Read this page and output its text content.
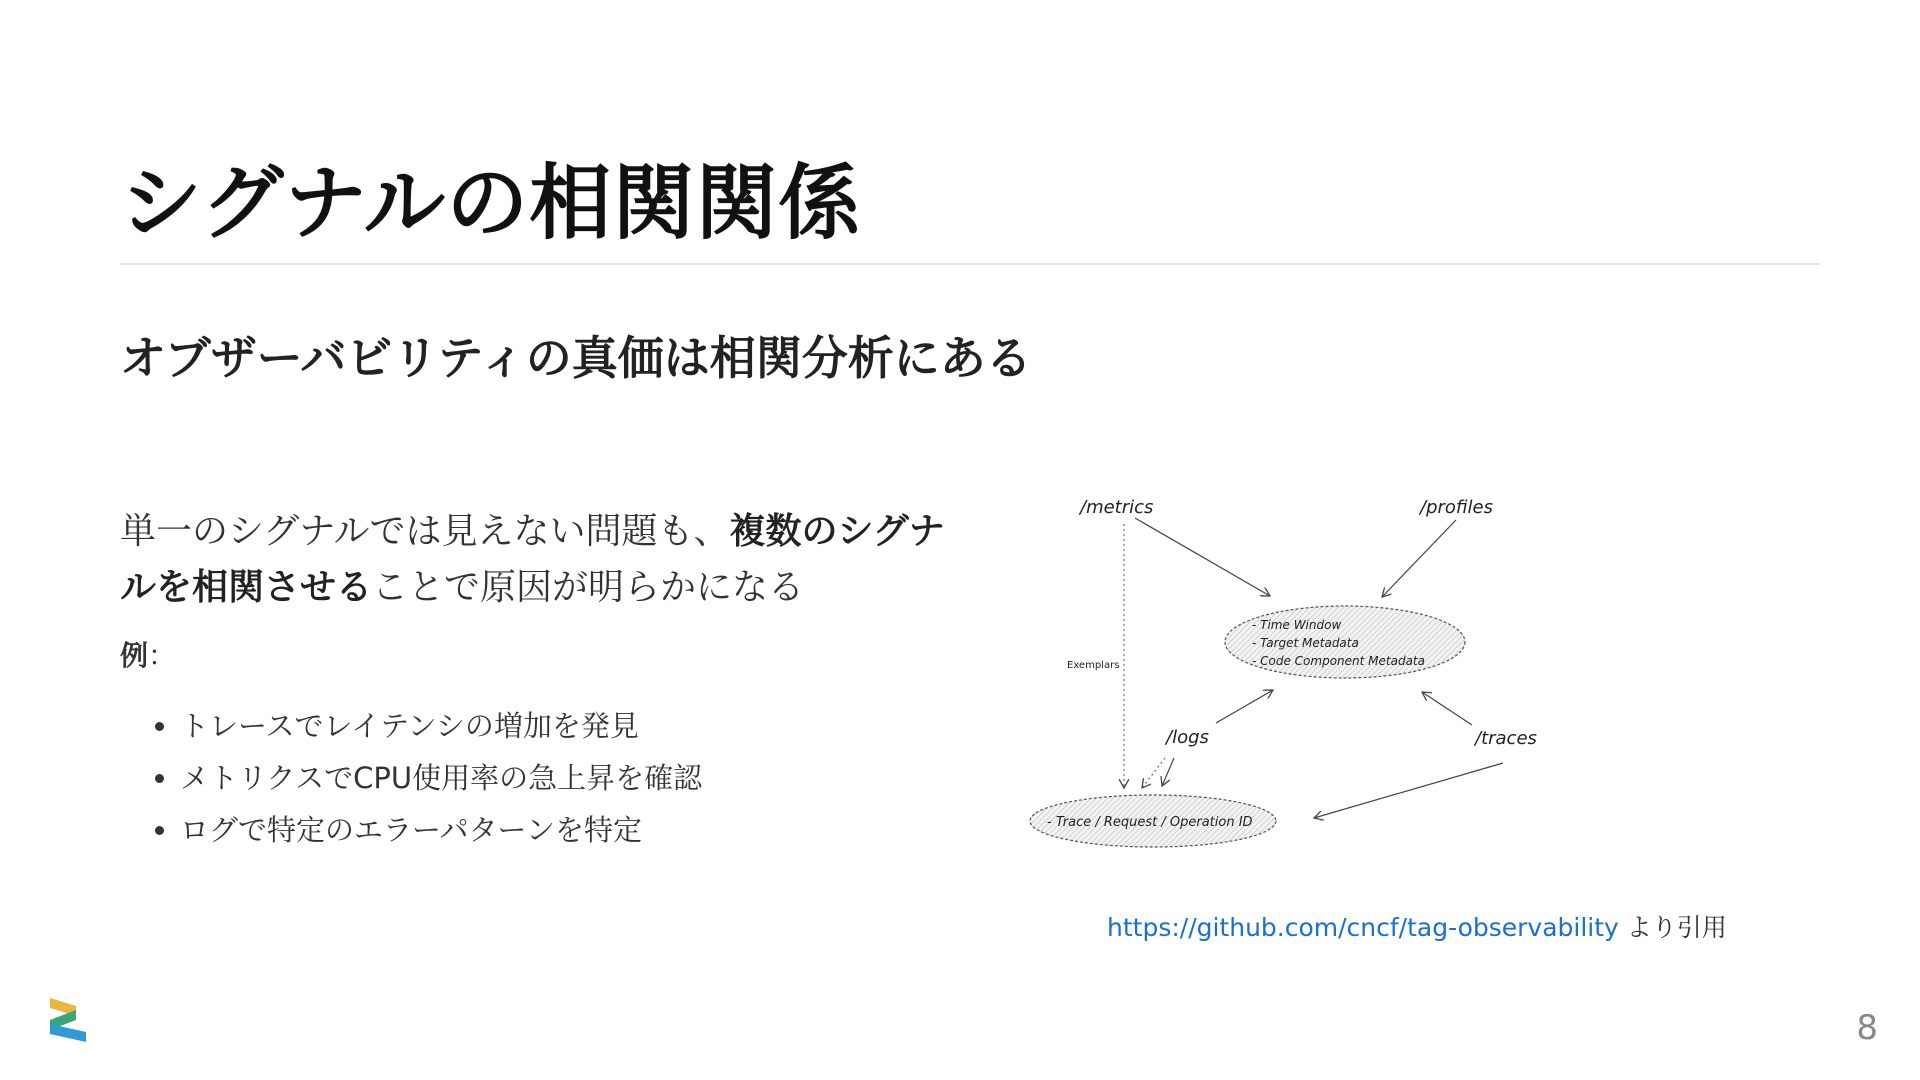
シグナルの相関関係
オブザーバビリティの真価は相関分析にある

単一のシグナルでは見えない問題も、複数のシグナルを相関させることで原因が明らかになる

例：
• トレースでレイテンシの増加を発見
• メトリクスでCPU使用率の急上昇を確認
• ログで特定のエラーパターンを特定
/metrics	/profiles
/logs	/traces
Exemplars
- Time Window
- Target Metadata
- Code Component Metadata
- Trace / Request / Operation ID
https://github.com/cncf/tag-observability より引用
8
